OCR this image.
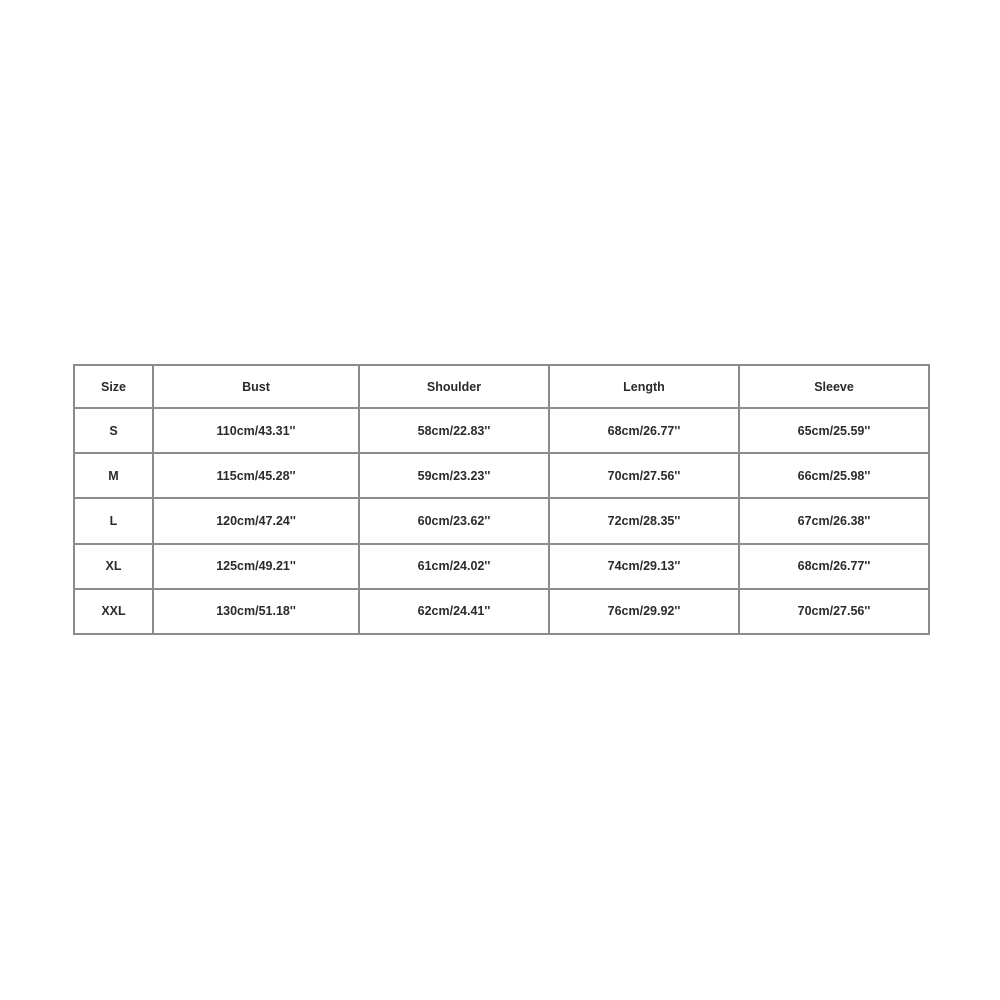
Size	Bust	Shoulder	Length	Sleeve
S	110cm/43.31''	58cm/22.83''	68cm/26.77''	65cm/25.59''
M	115cm/45.28''	59cm/23.23''	70cm/27.56''	66cm/25.98''
L	120cm/47.24''	60cm/23.62''	72cm/28.35''	67cm/26.38''
XL	125cm/49.21''	61cm/24.02''	74cm/29.13''	68cm/26.77''
XXL	130cm/51.18''	62cm/24.41''	76cm/29.92''	70cm/27.56''
